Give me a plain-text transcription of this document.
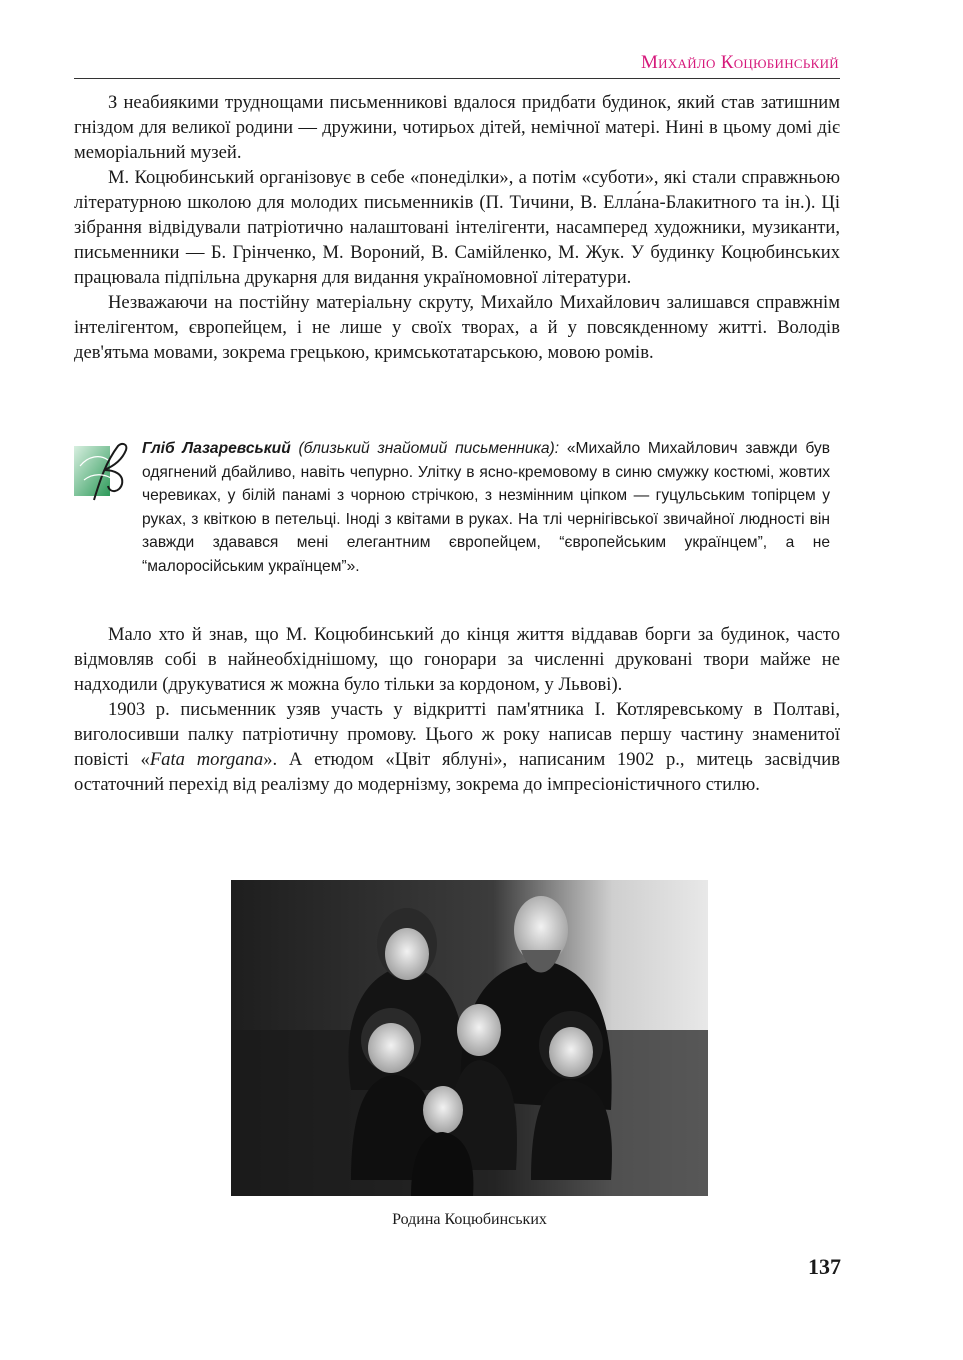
Михайло Коцюбинський

З неабиякими труднощами письменникові вдалося придбати будинок, який став затишним гніздом для великої родини — дружини, чотирьох дітей, немічної матері. Нині в цьому домі діє меморіальний музей.

М. Коцюбинський організовує в себе «понеділки», а потім «суботи», які стали справжньою літературною школою для молодих письменників (П. Тичини, В. Елла́на-Блакитного та ін.). Ці зібрання відвідували патріотично налаштовані інтелігенти, насамперед художники, музиканти, письменники — Б. Грінченко, М. Вороний, В. Самійленко, М. Жук. У будинку Коцюбинських працювала підпільна друкарня для видання україномовної літератури.

Незважаючи на постійну матеріальну скруту, Михайло Михайлович залишався справжнім інтелігентом, європейцем, і не лише у своїх творах, а й у повсякденному житті. Володів дев'ятьма мовами, зокрема грецькою, кримськотатарською, мовою ромів.

Гліб Лазаревський (близький знайомий письменника): «Михайло Михайлович завжди був одягнений дбайливо, навіть чепурно. Улітку в ясно-кремовому в синю смужку костюмі, жовтих черевиках, у білій панамі з чорною стрічкою, з незмінним ціпком — гуцульським топірцем у руках, з квіткою в петельці. Іноді з квітами в руках. На тлі чернігівської звичайної людності він завжди здавався мені елегантним європейцем, “європейським українцем”, а не “малоросійським українцем”».

Мало хто й знав, що М. Коцюбинський до кінця життя віддавав борги за будинок, часто відмовляв собі в найнеобхіднішому, що гонорари за численні друковані твори майже не надходили (друкуватися ж можна було тільки за кордоном, у Львові).

1903 р. письменник узяв участь у відкритті пам'ятника І. Котляревському в Полтаві, виголосивши палку патріотичну промову. Цього ж року написав першу частину знаменитої повісті «Fata morgana». А етюдом «Цвіт яблуні», написаним 1902 р., митець засвідчив остаточний перехід від реалізму до модернізму, зокрема до імпресіоністичного стилю.

Родина Коцюбинських
137
